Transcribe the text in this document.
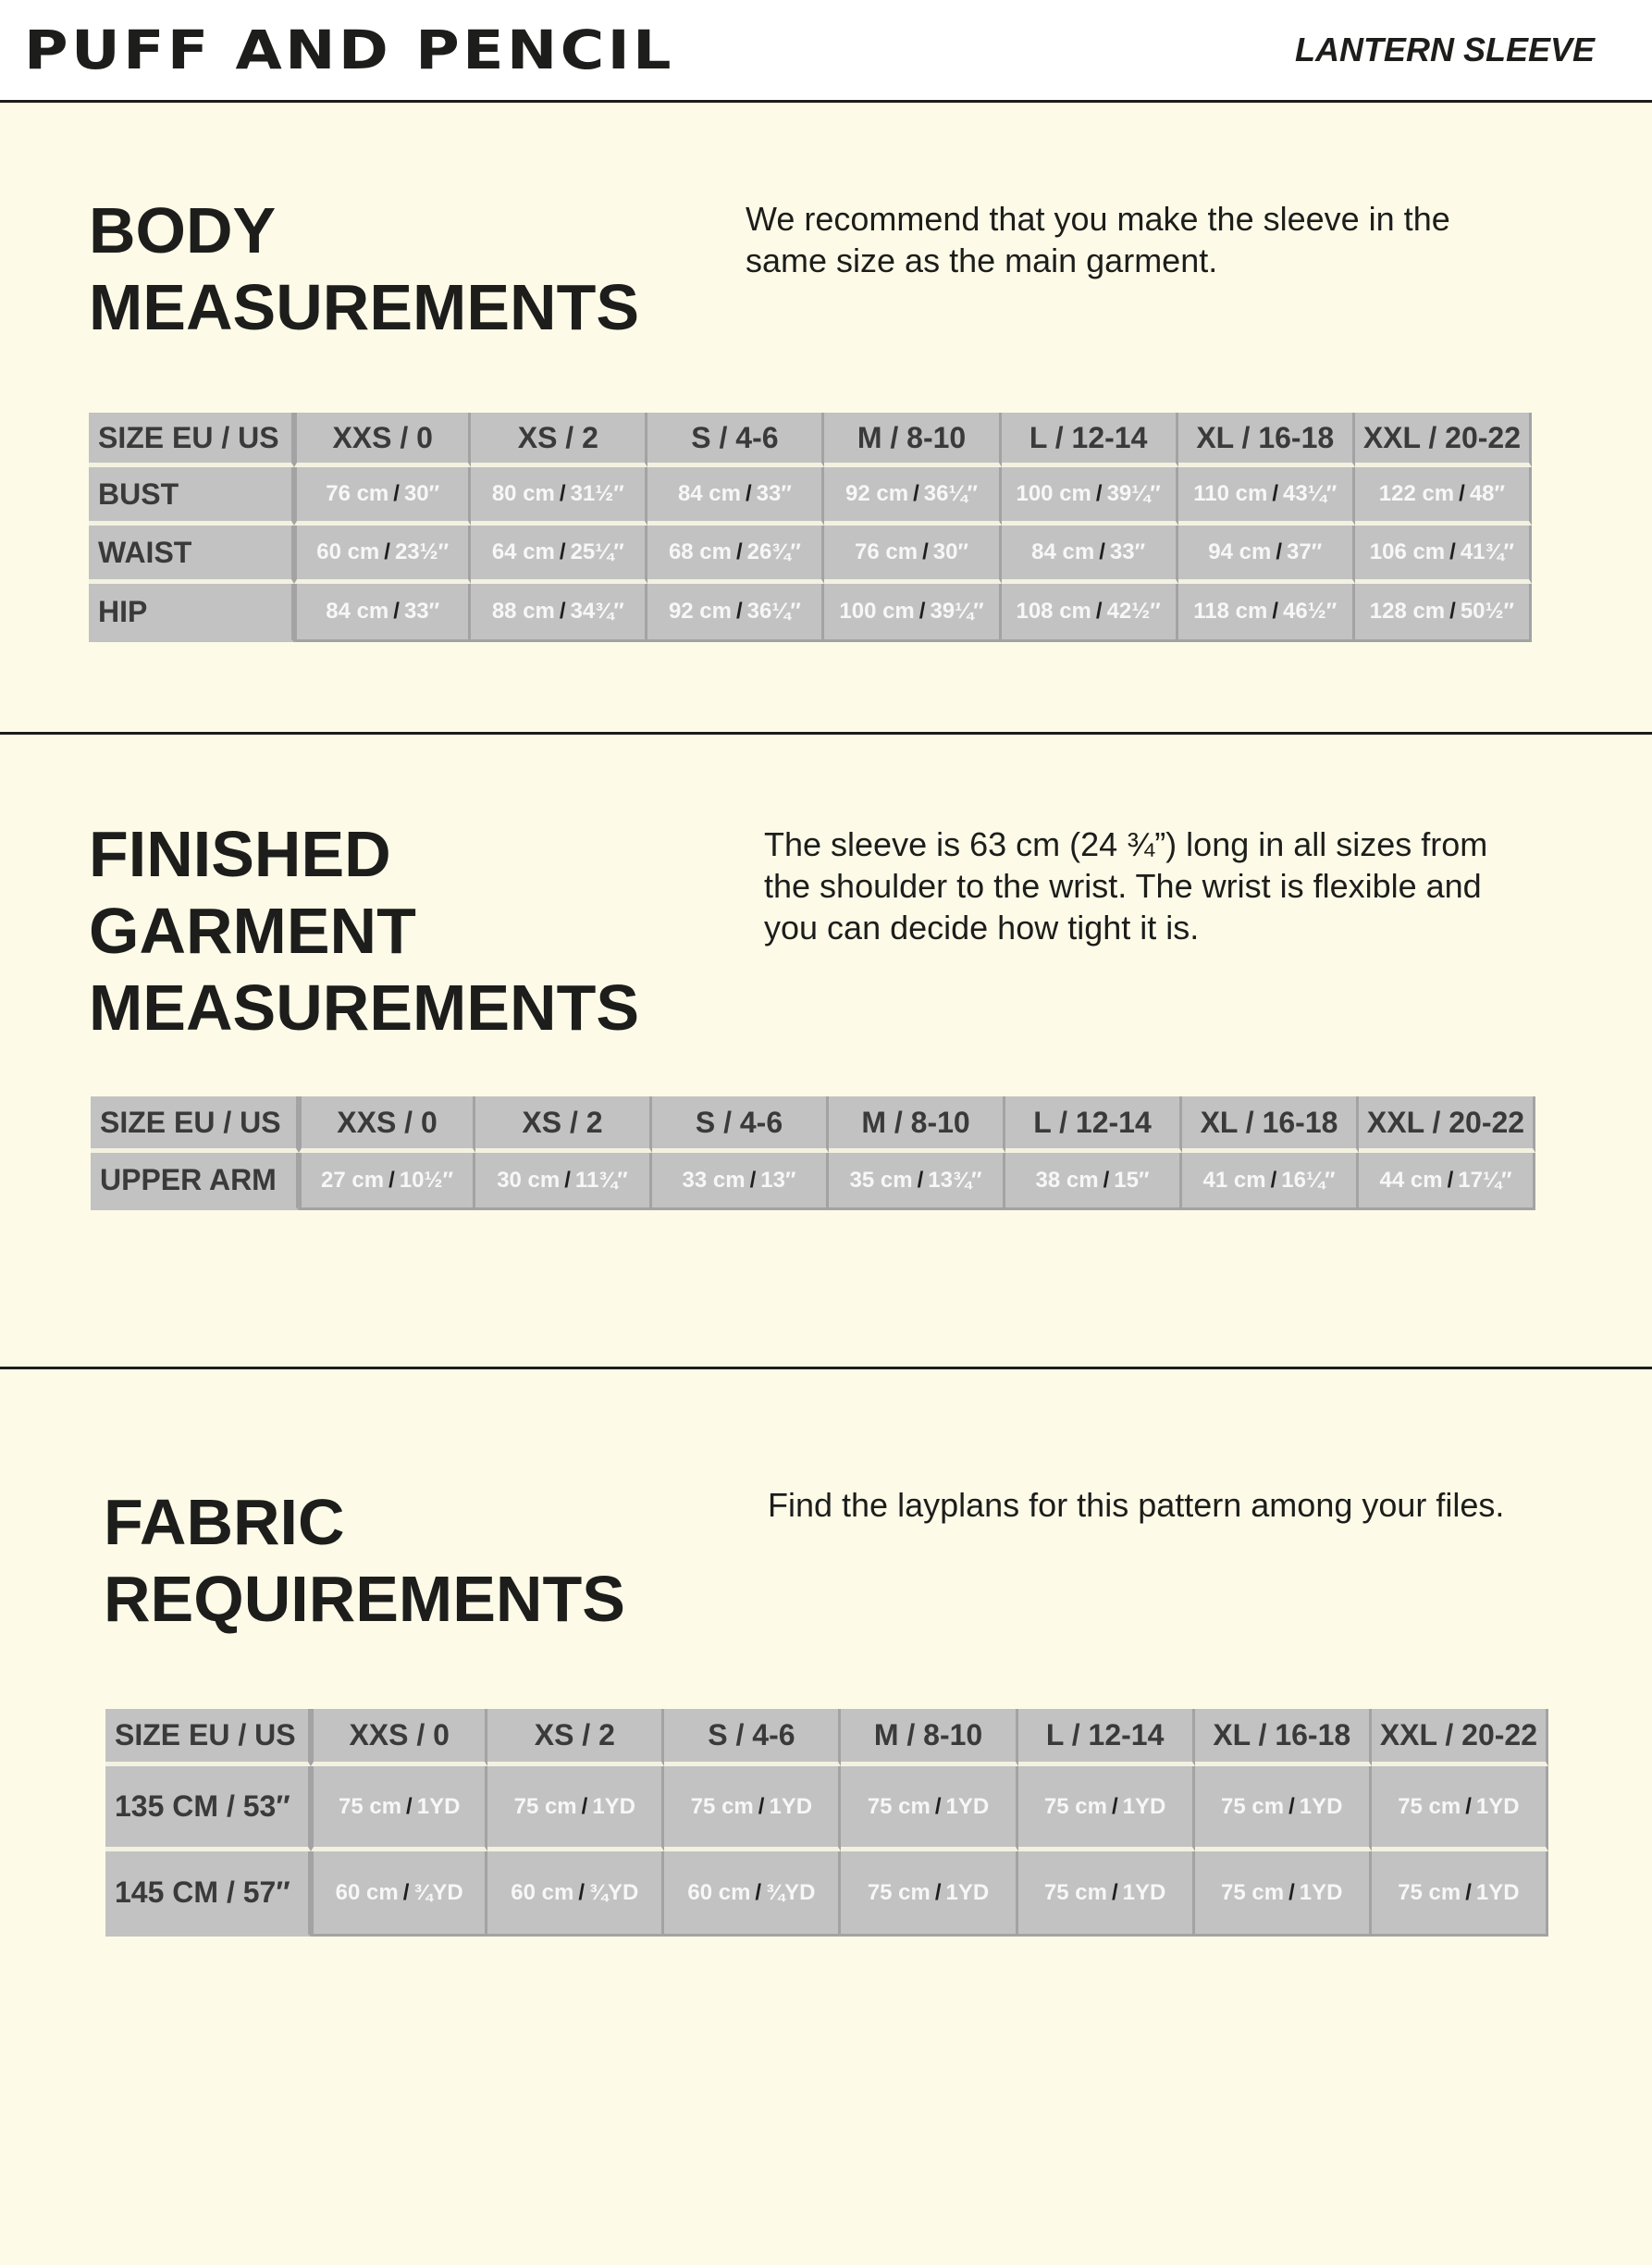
PUFF AND PENCIL	LANTERN SLEEVE
BODY
MEASUREMENTS

We recommend that you make the sleeve in the
same size as the main garment.

SIZE EU / US	XXS / 0	XS / 2	S / 4-6	M / 8-10	L / 12-14	XL / 16-18	XXL / 20-22
BUST	76 cm / 30″	80 cm / 31½″	84 cm / 33″	92 cm / 36¼″	100 cm / 39¼″	110 cm / 43¼″	122 cm / 48″
WAIST	60 cm / 23½″	64 cm / 25¼″	68 cm / 26¾″	76 cm / 30″	84 cm / 33″	94 cm / 37″	106 cm / 41¾″
HIP	84 cm / 33″	88 cm / 34¾″	92 cm / 36¼″	100 cm / 39¼″	108 cm / 42½″	118 cm / 46½″	128 cm / 50½″
FINISHED
GARMENT
MEASUREMENTS

The sleeve is 63 cm (24 ¾”) long in all sizes from
the shoulder to the wrist. The wrist is flexible and
you can decide how tight it is.

SIZE EU / US	XXS / 0	XS / 2	S / 4-6	M / 8-10	L / 12-14	XL / 16-18	XXL / 20-22
UPPER ARM	27 cm / 10½″	30 cm / 11¾″	33 cm / 13″	35 cm / 13¾″	38 cm / 15″	41 cm / 16¼″	44 cm / 17¼″
FABRIC
REQUIREMENTS

Find the layplans for this pattern among your files.

SIZE EU / US	XXS / 0	XS / 2	S / 4-6	M / 8-10	L / 12-14	XL / 16-18	XXL / 20-22
135 CM / 53″	75 cm / 1YD	75 cm / 1YD	75 cm / 1YD	75 cm / 1YD	75 cm / 1YD	75 cm / 1YD	75 cm / 1YD
145 CM / 57″	60 cm / ¾YD	60 cm / ¾YD	60 cm / ¾YD	75 cm / 1YD	75 cm / 1YD	75 cm / 1YD	75 cm / 1YD
